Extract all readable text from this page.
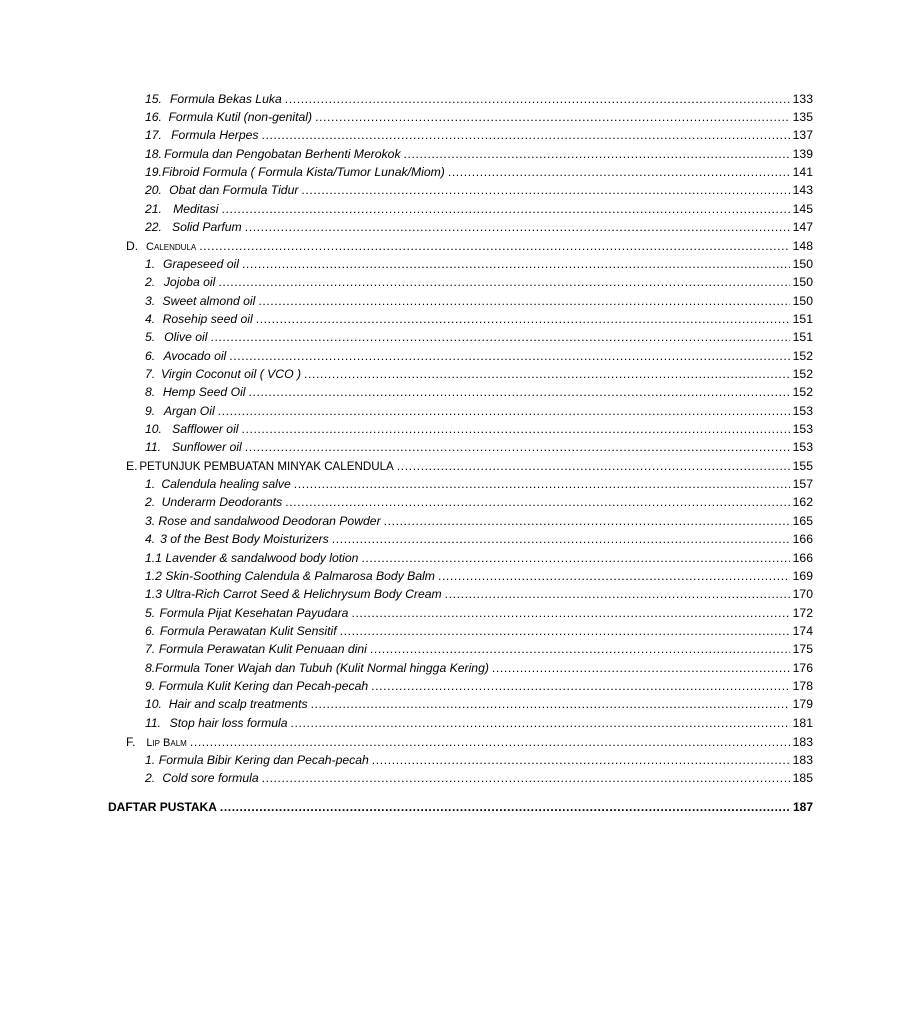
15. Formula Bekas Luka .....	133
16. Formula Kutil (non-genital) .....	135
17. Formula Herpes .....	137
18. Formula dan Pengobatan Berhenti Merokok .....	139
19. Fibroid Formula ( Formula Kista/Tumor Lunak/Miom) .....	141
20. Obat dan Formula Tidur .....	143
21. Meditasi .....	145
22. Solid Parfum .....	147
D. Calendula .....	148
1. Grapeseed oil .....	150
2. Jojoba oil .....	150
3. Sweet almond oil .....	150
4. Rosehip seed oil .....	151
5. Olive oil .....	151
6. Avocado oil .....	152
7. Virgin Coconut oil ( VCO ) .....	152
8. Hemp Seed Oil .....	152
9. Argan Oil .....	153
10. Safflower oil .....	153
11. Sunflower oil .....	153
E. PETUNJUK PEMBUATAN MINYAK CALENDULA .....	155
1. Calendula healing salve .....	157
2. Underarm Deodorants .....	162
3. Rose and sandalwood Deodoran Powder .....	165
4. 3 of the Best Body Moisturizers .....	166
1.1 Lavender & sandalwood body lotion .....	166
1.2 Skin-Soothing Calendula & Palmarosa Body Balm .....	169
1.3 Ultra-Rich Carrot Seed & Helichrysum Body Cream .....	170
5. Formula Pijat Kesehatan Payudara .....	172
6. Formula Perawatan Kulit Sensitif .....	174
7. Formula Perawatan Kulit Penuaan dini .....	175
8. Formula Toner Wajah dan Tubuh (Kulit Normal hingga Kering) .....	176
9. Formula Kulit Kering dan Pecah-pecah .....	178
10. Hair and scalp treatments .....	179
11. Stop hair loss formula .....	181
F. Lip Balm .....	183
1. Formula Bibir Kering dan Pecah-pecah .....	183
2. Cold sore formula .....	185
DAFTAR PUSTAKA .....	187
